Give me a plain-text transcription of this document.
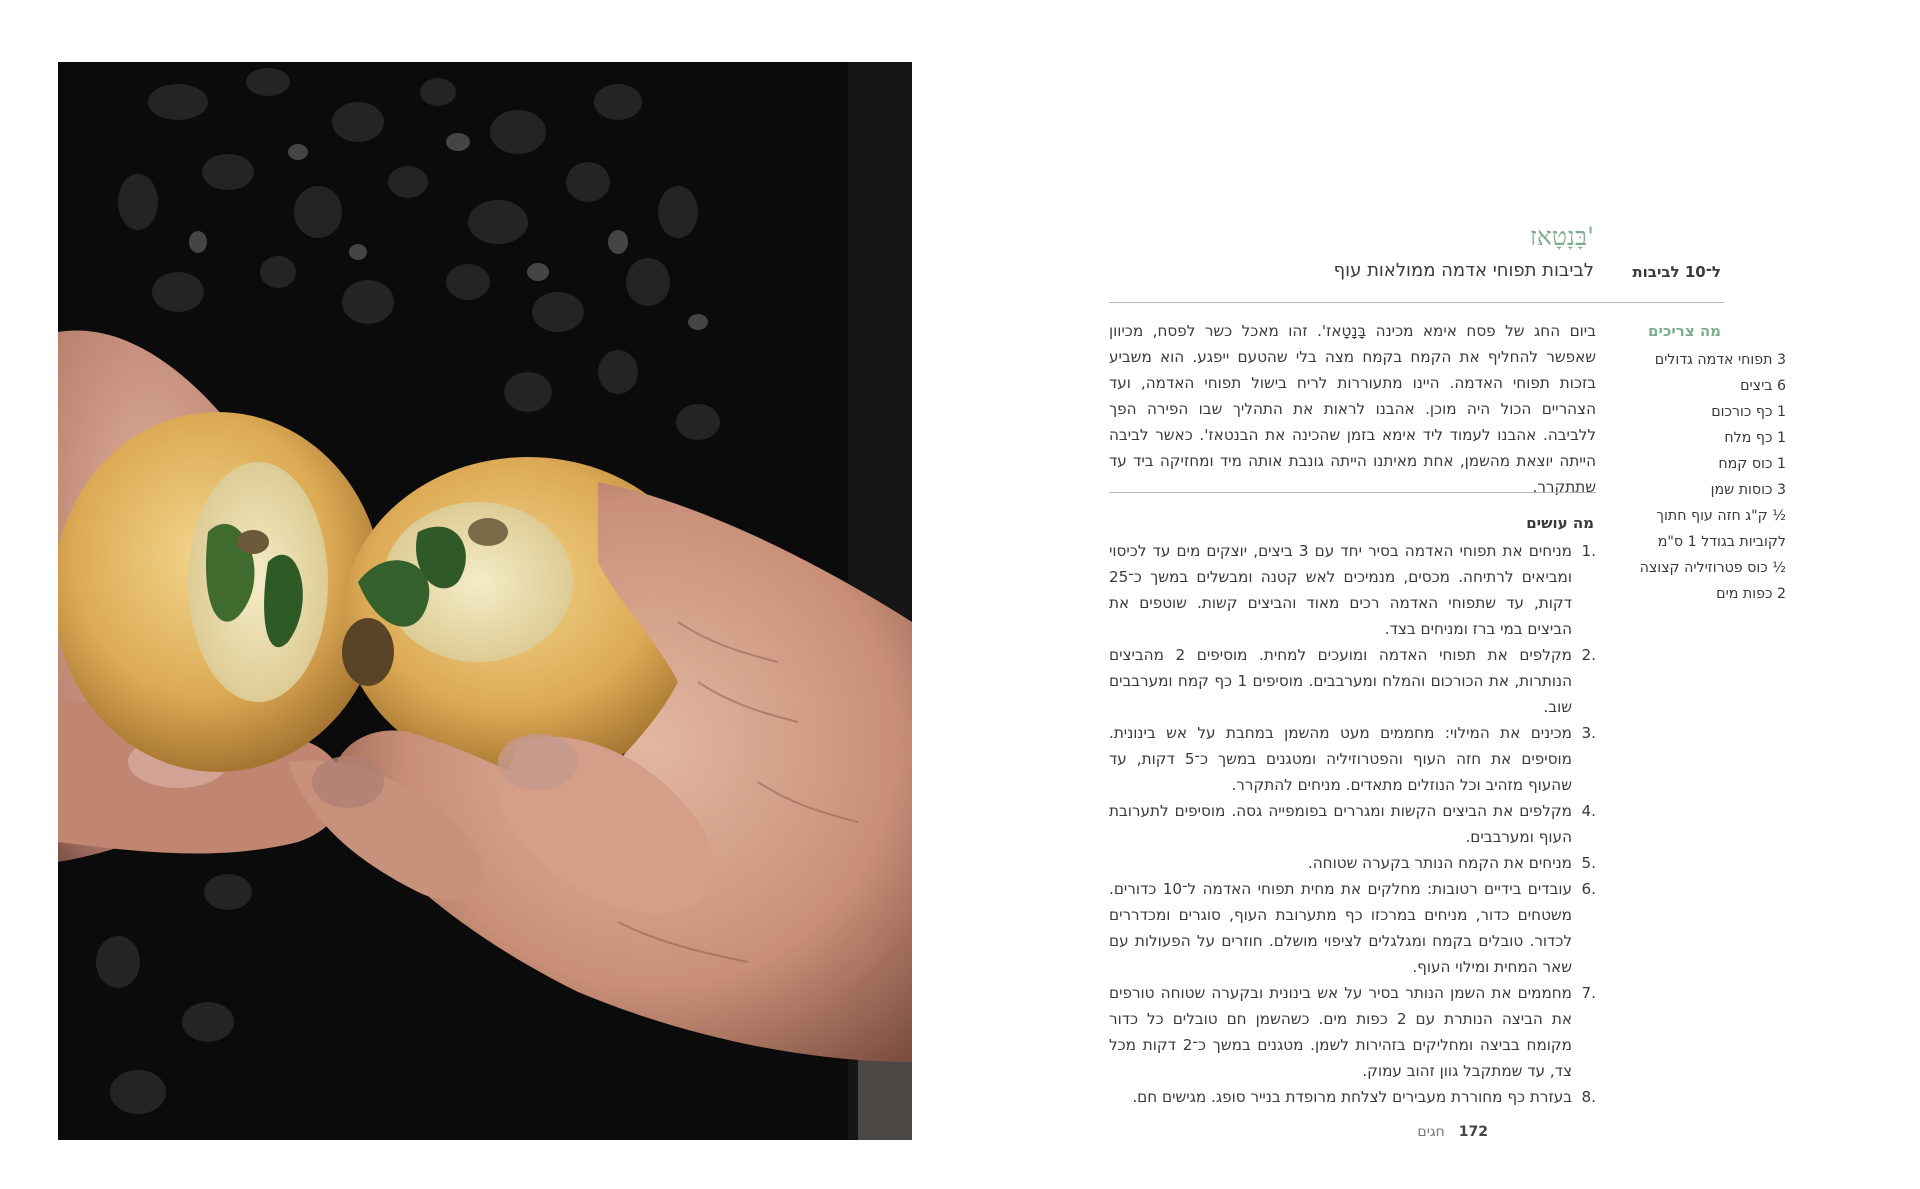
בָּנָטָאז'
לביבות תפוחי אדמה ממולאות עוף	ל־10 לביבות

ביום החג של פסח אימא מכינה בָּנָטָאז'. זהו מאכל כשר לפסח, מכיוון שאפשר להחליף את הקמח בקמח מצה בלי שהטעם ייפגע. הוא משביע בזכות תפוחי האדמה. היינו מתעוררות לריח בישול תפוחי האדמה, ועד הצהריים הכול היה מוכן. אהבנו לראות את התהליך שבו הפירה הפך ללביבה. אהבנו לעמוד ליד אימא בזמן שהכינה את הבנטאז'. כאשר לביבה הייתה יוצאת מהשמן, אחת מאיתנו הייתה גונבת אותה מיד ומחזיקה ביד עד שתתקרר.

מה צריכים
3 תפוחי אדמה גדולים
6 ביצים
1 כף כורכום
1 כף מלח
1 כוס קמח
3 כוסות שמן
½ ק"ג חזה עוף חתוך
לקוביות בגודל 1 ס"מ
½ כוס פטרוזיליה קצוצה
2 כפות מים
מה עושים
1.
מניחים את תפוחי האדמה בסיר יחד עם 3 ביצים, יוצקים מים עד לכיסוי ומביאים לרתיחה. מכסים, מנמיכים לאש קטנה ומבשלים במשך כ־25 דקות, עד שתפוחי האדמה רכים מאוד והביצים קשות. שוטפים את הביצים במי ברז ומניחים בצד.
2.
מקלפים את תפוחי האדמה ומועכים למחית. מוסיפים 2 מהביצים הנותרות, את הכורכום והמלח ומערבבים. מוסיפים 1 כף קמח ומערבבים שוב.
3.
מכינים את המילוי: מחממים מעט מהשמן במחבת על אש בינונית. מוסיפים את חזה העוף והפטרוזיליה ומטגנים במשך כ־5 דקות, עד שהעוף מזהיב וכל הנוזלים מתאדים. מניחים להתקרר.
4.
מקלפים את הביצים הקשות ומגררים בפומפייה גסה. מוסיפים לתערובת העוף ומערבבים.
5.
מניחים את הקמח הנותר בקערה שטוחה.
6.
עובדים בידיים רטובות: מחלקים את מחית תפוחי האדמה ל־10 כדורים. משטחים כדור, מניחים במרכזו כף מתערובת העוף, סוגרים ומכדררים לכדור. טובלים בקמח ומגלגלים לציפוי מושלם. חוזרים על הפעולות עם שאר המחית ומילוי העוף.
7.
מחממים את השמן הנותר בסיר על אש בינונית ובקערה שטוחה טורפים את הביצה הנותרת עם 2 כפות מים. כשהשמן חם טובלים כל כדור מקומח בביצה ומחליקים בזהירות לשמן. מטגנים במשך כ־2 דקות מכל צד, עד שמתקבל גוון זהוב עמוק.
8.
בעזרת כף מחוררת מעבירים לצלחת מרופדת בנייר סופג. מגישים חם.
172חגים
